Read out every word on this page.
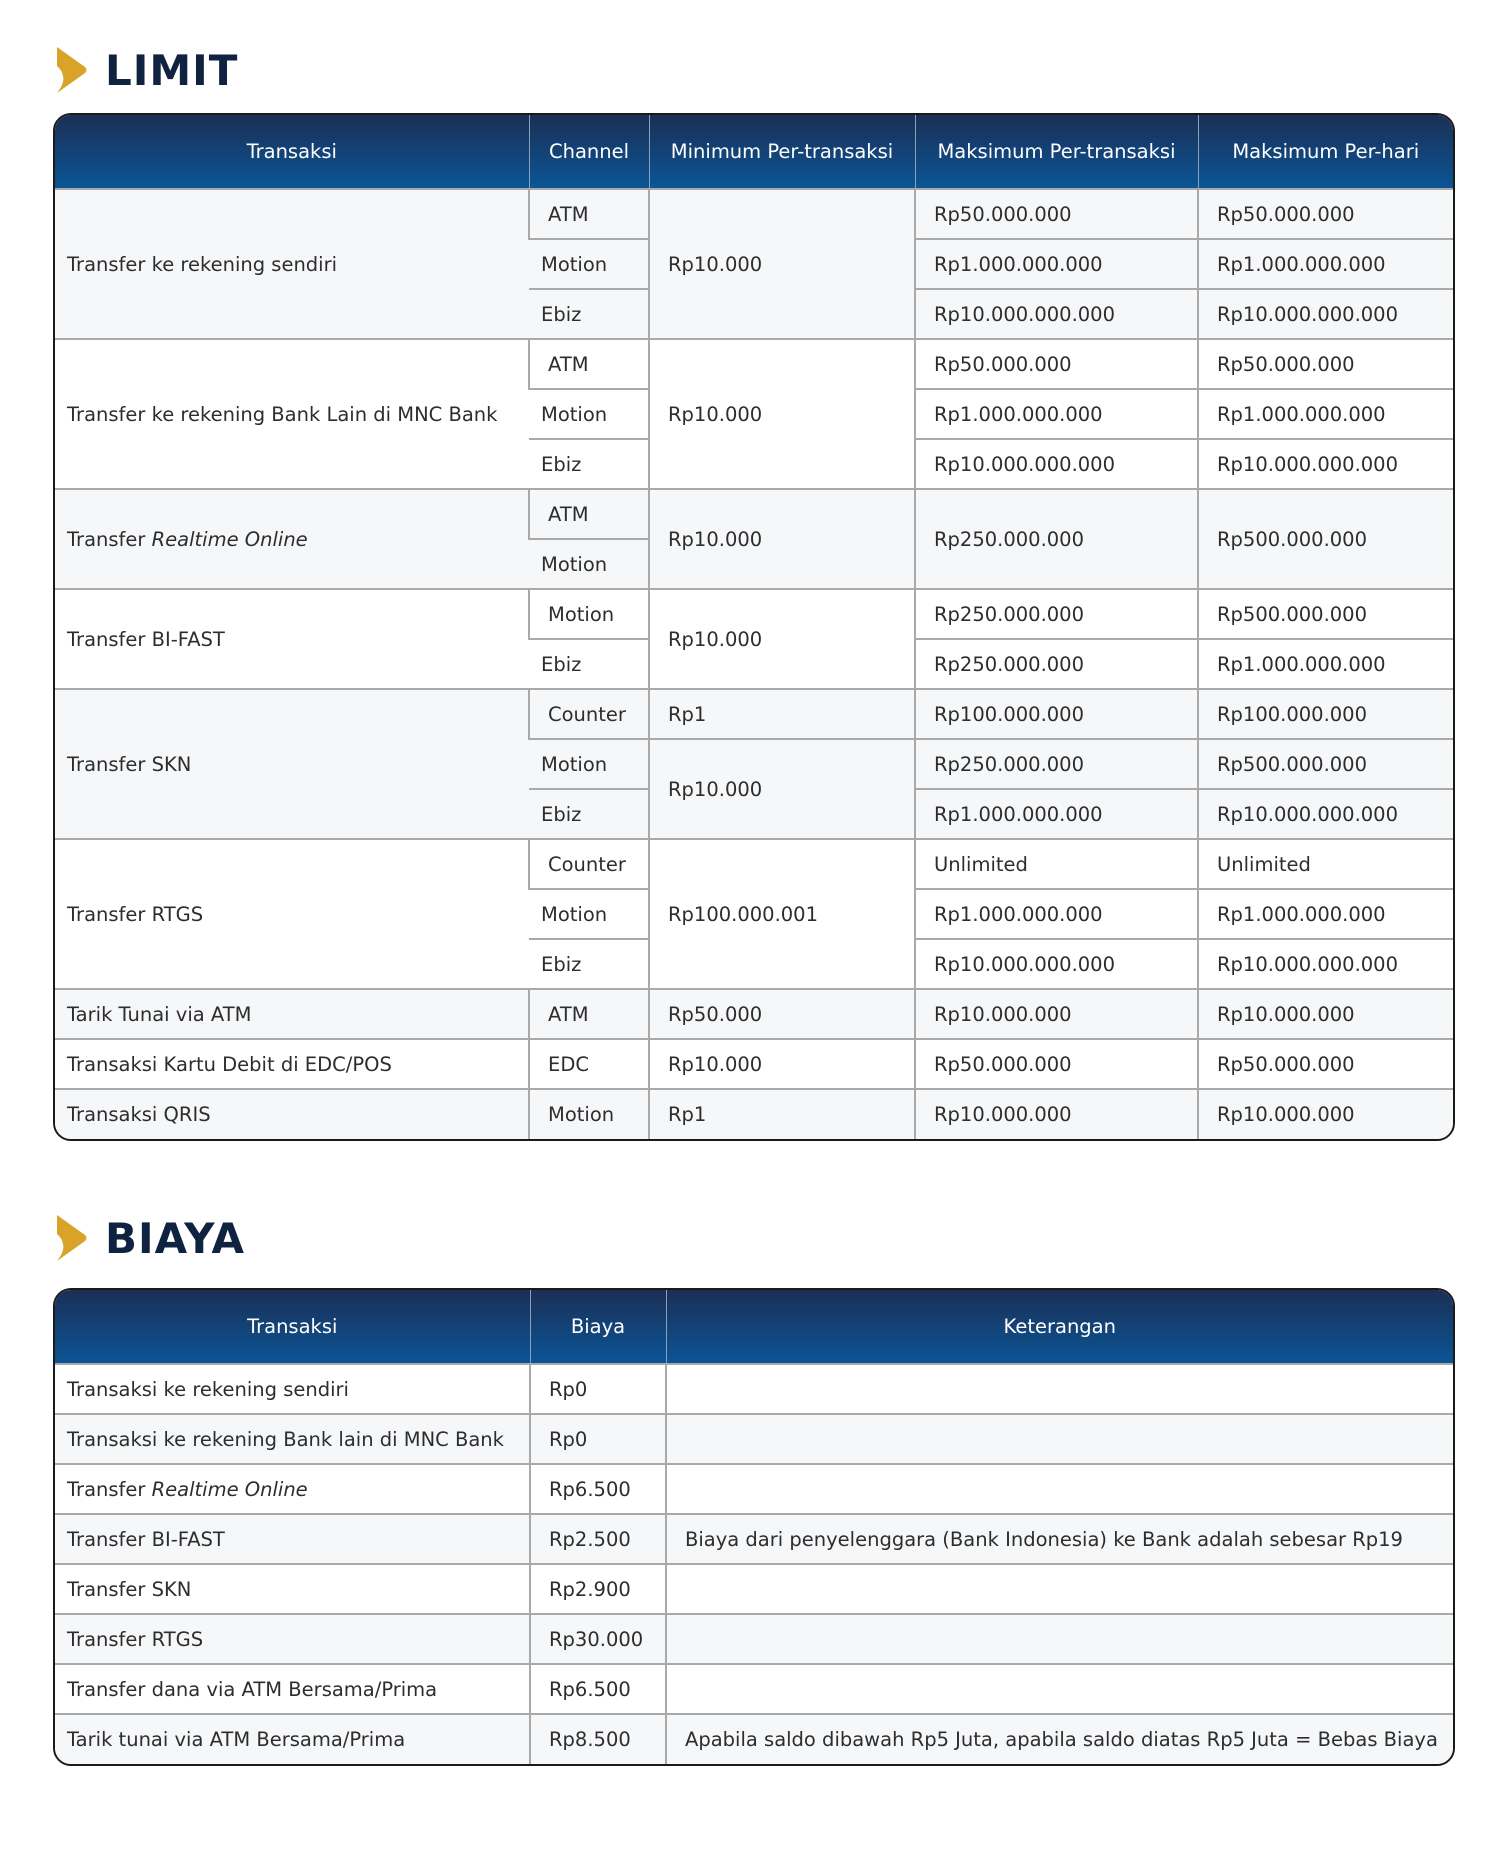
LIMIT
Transaksi	Channel	Minimum Per-transaksi	Maksimum Per-transaksi	Maksimum Per-hari
Transfer ke rekening sendiri	ATM	Rp10.000	Rp50.000.000	Rp50.000.000
	Motion		Rp1.000.000.000	Rp1.000.000.000
	Ebiz		Rp10.000.000.000	Rp10.000.000.000
Transfer ke rekening Bank Lain di MNC Bank	ATM	Rp10.000	Rp50.000.000	Rp50.000.000
	Motion		Rp1.000.000.000	Rp1.000.000.000
	Ebiz		Rp10.000.000.000	Rp10.000.000.000
Transfer Realtime Online	ATM	Rp10.000	Rp250.000.000	Rp500.000.000
	Motion			
Transfer BI-FAST	Motion	Rp10.000	Rp250.000.000	Rp500.000.000
	Ebiz		Rp250.000.000	Rp1.000.000.000
Transfer SKN	Counter	Rp1	Rp100.000.000	Rp100.000.000
	Motion	Rp10.000	Rp250.000.000	Rp500.000.000
	Ebiz		Rp1.000.000.000	Rp10.000.000.000
Transfer RTGS	Counter	Rp100.000.001	Unlimited	Unlimited
	Motion		Rp1.000.000.000	Rp1.000.000.000
	Ebiz		Rp10.000.000.000	Rp10.000.000.000
Tarik Tunai via ATM	ATM	Rp50.000	Rp10.000.000	Rp10.000.000
Transaksi Kartu Debit di EDC/POS	EDC	Rp10.000	Rp50.000.000	Rp50.000.000
Transaksi QRIS	Motion	Rp1	Rp10.000.000	Rp10.000.000
BIAYA
Transaksi	Biaya	Keterangan
Transaksi ke rekening sendiri	Rp0	
Transaksi ke rekening Bank lain di MNC Bank	Rp0	
Transfer Realtime Online	Rp6.500	
Transfer BI-FAST	Rp2.500	Biaya dari penyelenggara (Bank Indonesia) ke Bank adalah sebesar Rp19
Transfer SKN	Rp2.900	
Transfer RTGS	Rp30.000	
Transfer dana via ATM Bersama/Prima	Rp6.500	
Tarik tunai via ATM Bersama/Prima	Rp8.500	Apabila saldo dibawah Rp5 Juta, apabila saldo diatas Rp5 Juta = Bebas Biaya
